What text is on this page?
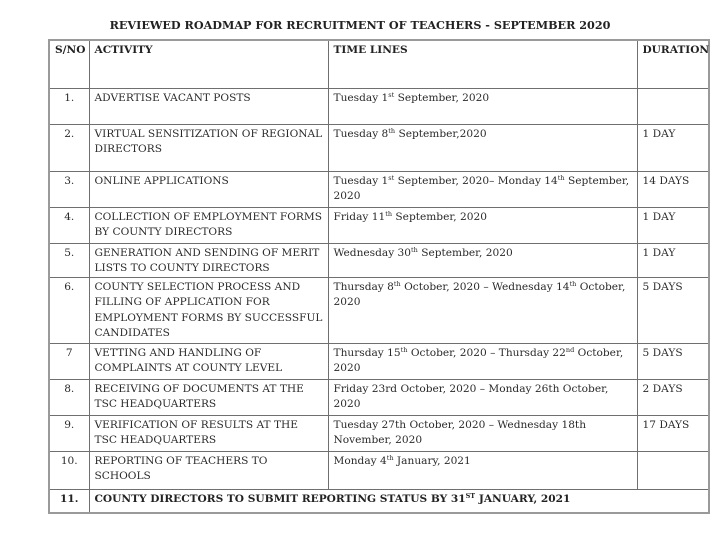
REVIEWED ROADMAP FOR RECRUITMENT OF TEACHERS - SEPTEMBER 2020
S/NO	ACTIVITY	TIME LINES	DURATION
1.	ADVERTISE VACANT POSTS	Tuesday 1st September, 2020	
2.	VIRTUAL SENSITIZATION OF REGIONAL DIRECTORS	Tuesday 8th September,2020	1 DAY
3.	ONLINE APPLICATIONS	Tuesday 1st September, 2020– Monday 14th September, 2020	14 DAYS
4.	COLLECTION OF EMPLOYMENT FORMS BY COUNTY DIRECTORS	Friday 11th September, 2020	1 DAY
5.	GENERATION AND SENDING OF MERIT LISTS TO COUNTY DIRECTORS	Wednesday 30th September, 2020	1 DAY
6.	COUNTY SELECTION PROCESS AND FILLING OF APPLICATION FOR EMPLOYMENT FORMS BY SUCCESSFUL CANDIDATES	Thursday 8th October, 2020 – Wednesday 14th October, 2020	5 DAYS
7	VETTING AND HANDLING OF COMPLAINTS AT COUNTY LEVEL	Thursday 15th October, 2020 – Thursday 22nd October, 2020	5 DAYS
8.	RECEIVING OF DOCUMENTS AT THE TSC HEADQUARTERS	Friday 23rd October, 2020 – Monday 26th October, 2020	2 DAYS
9.	VERIFICATION OF RESULTS AT THE TSC HEADQUARTERS	Tuesday 27th October, 2020 – Wednesday 18th November, 2020	17 DAYS
10.	REPORTING OF TEACHERS TO SCHOOLS	Monday 4th January, 2021	
11.	COUNTY DIRECTORS TO SUBMIT REPORTING STATUS BY 31ST JANUARY, 2021		
